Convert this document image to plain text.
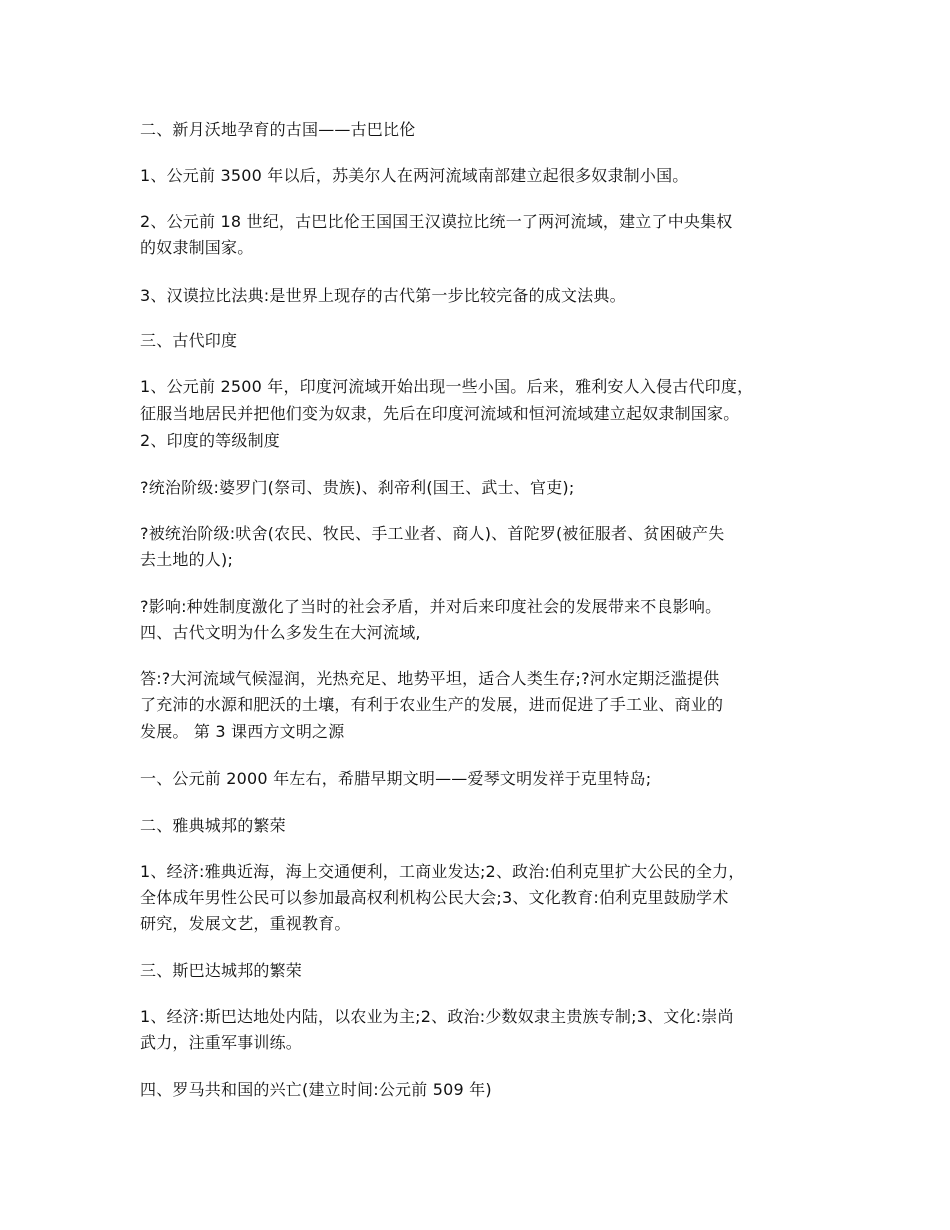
二、新月沃地孕育的古国——古巴比伦

1、公元前 3500 年以后，苏美尔人在两河流域南部建立起很多奴隶制小国。

2、公元前 18 世纪，古巴比伦王国国王汉谟拉比统一了两河流域，建立了中央集权

的奴隶制国家。

3、汉谟拉比法典:是世界上现存的古代第一步比较完备的成文法典。

三、古代印度

1、公元前 2500 年，印度河流域开始出现一些小国。后来，雅利安人入侵古代印度，

征服当地居民并把他们变为奴隶，先后在印度河流域和恒河流域建立起奴隶制国家。

2、印度的等级制度

?统治阶级:婆罗门(祭司、贵族)、刹帝利(国王、武士、官吏);

?被统治阶级:吠舍(农民、牧民、手工业者、商人)、首陀罗(被征服者、贫困破产失

去土地的人);

?影响:种姓制度激化了当时的社会矛盾，并对后来印度社会的发展带来不良影响。

四、古代文明为什么多发生在大河流域,

答:?大河流域气候湿润，光热充足、地势平坦，适合人类生存;?河水定期泛滥提供

了充沛的水源和肥沃的土壤，有利于农业生产的发展，进而促进了手工业、商业的

发展。 第 3 课西方文明之源

一、公元前 2000 年左右，希腊早期文明——爱琴文明发祥于克里特岛;

二、雅典城邦的繁荣

1、经济:雅典近海，海上交通便利，工商业发达;2、政治:伯利克里扩大公民的全力，

全体成年男性公民可以参加最高权利机构公民大会;3、文化教育:伯利克里鼓励学术

研究，发展文艺，重视教育。

三、斯巴达城邦的繁荣

1、经济:斯巴达地处内陆，以农业为主;2、政治:少数奴隶主贵族专制;3、文化:崇尚

武力，注重军事训练。

四、罗马共和国的兴亡(建立时间:公元前 509 年)
